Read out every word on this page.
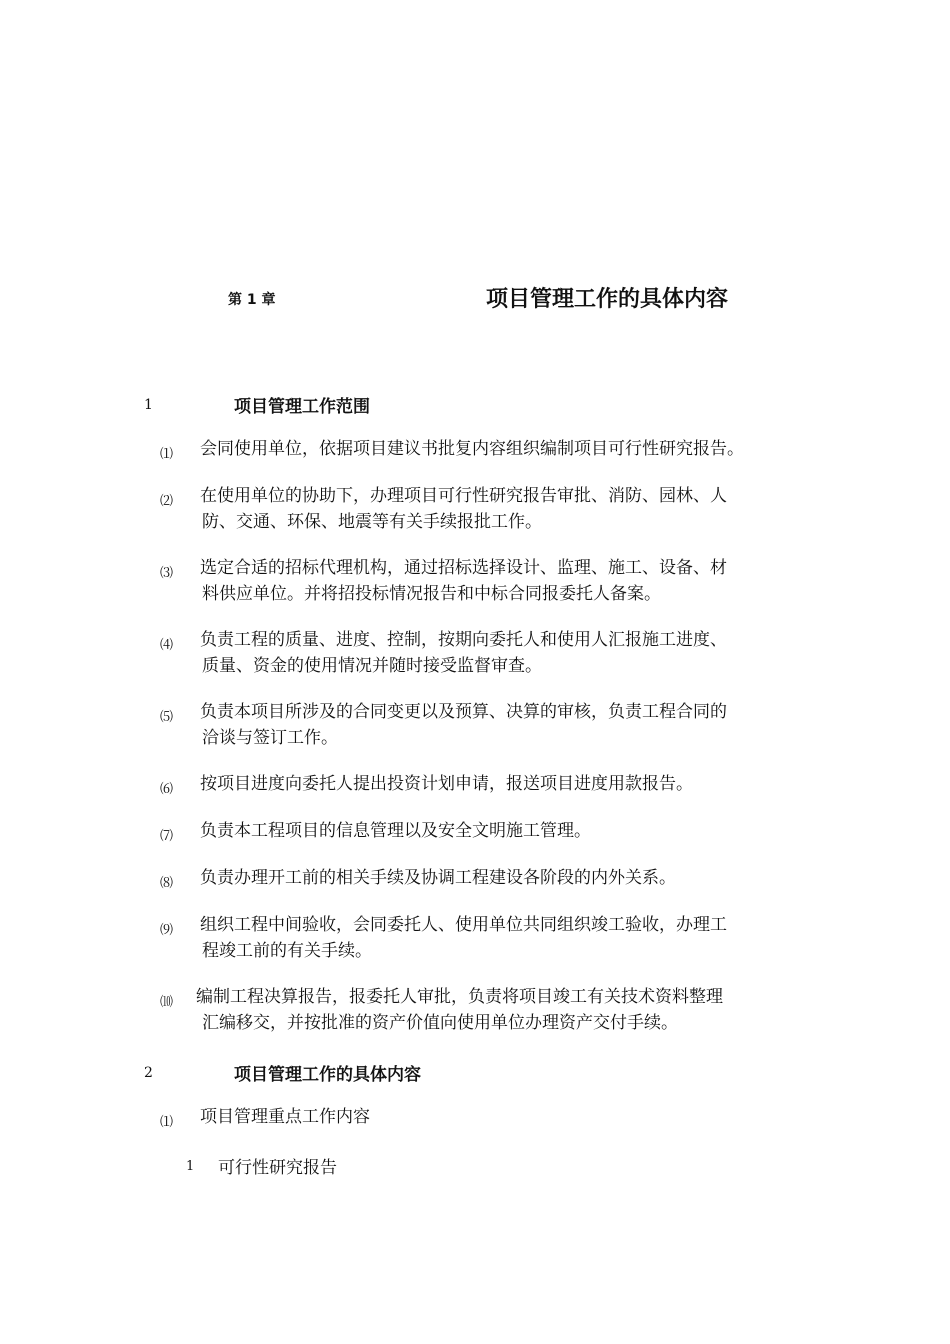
第 1 章	项目管理工作的具体内容
1	项目管理工作范围
⑴ 会同使用单位，依据项目建议书批复内容组织编制项目可行性研究报告。
⑵ 在使用单位的协助下，办理项目可行性研究报告审批、消防、园林、人
防、交通、环保、地震等有关手续报批工作。
⑶ 选定合适的招标代理机构，通过招标选择设计、监理、施工、设备、材
料供应单位。并将招投标情况报告和中标合同报委托人备案。
⑷ 负责工程的质量、进度、控制，按期向委托人和使用人汇报施工进度、
质量、资金的使用情况并随时接受监督审查。
⑸ 负责本项目所涉及的合同变更以及预算、决算的审核，负责工程合同的
洽谈与签订工作。
⑹ 按项目进度向委托人提出投资计划申请，报送项目进度用款报告。
⑺ 负责本工程项目的信息管理以及安全文明施工管理。
⑻ 负责办理开工前的相关手续及协调工程建设各阶段的内外关系。
⑼ 组织工程中间验收，会同委托人、使用单位共同组织竣工验收，办理工
程竣工前的有关手续。
⑽ 编制工程决算报告，报委托人审批，负责将项目竣工有关技术资料整理
汇编移交，并按批准的资产价值向使用单位办理资产交付手续。
2	项目管理工作的具体内容
⑴ 项目管理重点工作内容
1 可行性研究报告
